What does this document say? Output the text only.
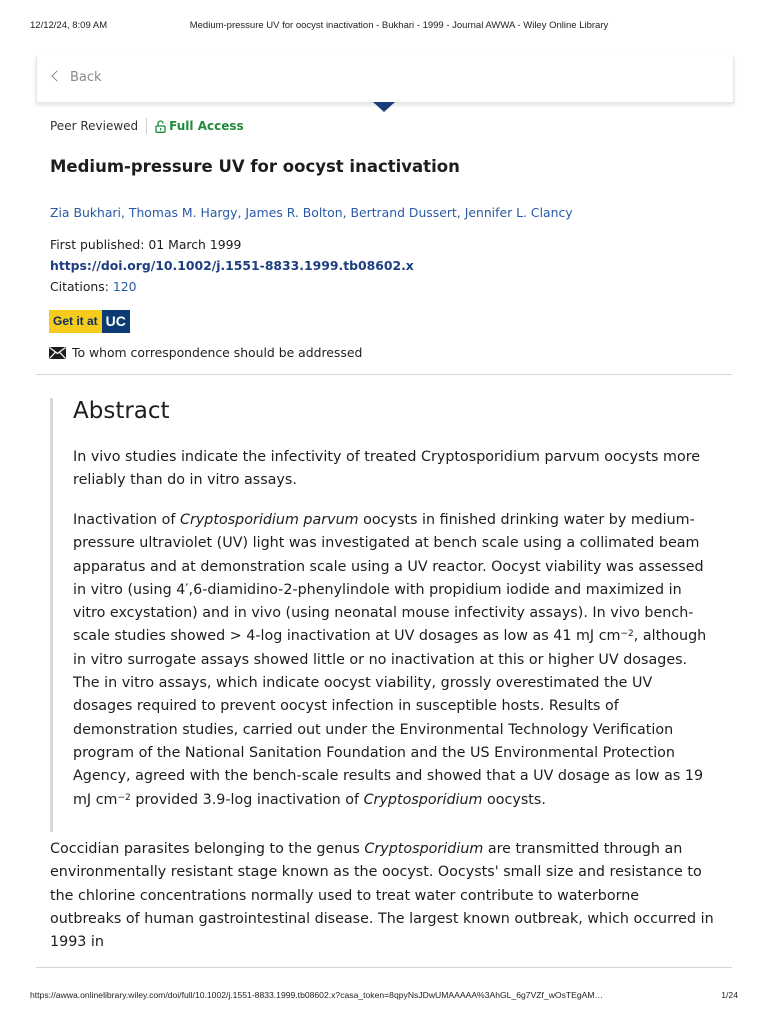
12/12/24, 8:09 AM	Medium-pressure UV for oocyst inactivation - Bukhari - 1999 - Journal AWWA - Wiley Online Library
Back
Peer Reviewed	Full Access
Medium-pressure UV for oocyst inactivation
Zia Bukhari, Thomas M. Hargy, James R. Bolton, Bertrand Dussert, Jennifer L. Clancy
First published: 01 March 1999
https://doi.org/10.1002/j.1551-8833.1999.tb08602.x
Citations: 120
Get it at UC
To whom correspondence should be addressed
Abstract

In vivo studies indicate the infectivity of treated Cryptosporidium parvum oocysts more reliably than do in vitro assays.

Inactivation of Cryptosporidium parvum oocysts in finished drinking water by medium-pressure ultraviolet (UV) light was investigated at bench scale using a collimated beam apparatus and at demonstration scale using a UV reactor. Oocyst viability was assessed in vitro (using 4′,6-diamidino-2-phenylindole with propidium iodide and maximized in vitro excystation) and in vivo (using neonatal mouse infectivity assays). In vivo bench-scale studies showed > 4-log inactivation at UV dosages as low as 41 mJ $cm^{-2}$, although in vitro surrogate assays showed little or no inactivation at this or higher UV dosages. The in vitro assays, which indicate oocyst viability, grossly overestimated the UV dosages required to prevent oocyst infection in susceptible hosts. Results of demonstration studies, carried out under the Environmental Technology Verification program of the National Sanitation Foundation and the US Environmental Protection Agency, agreed with the bench-scale results and showed that a UV dosage as low as 19 mJ $cm^{-2}$ provided 3.9-log inactivation of Cryptosporidium oocysts.

Coccidian parasites belonging to the genus Cryptosporidium are transmitted through an environmentally resistant stage known as the oocyst. Oocysts' small size and resistance to the chlorine concentrations normally used to treat water contribute to waterborne outbreaks of human gastrointestinal disease. The largest known outbreak, which occurred in 1993 in

https://awwa.onlinelibrary.wiley.com/doi/full/10.1002/j.1551-8833.1999.tb08602.x?casa_token=8qpyNsJDwUMAAAAA%3AhGL_6g7VZf_wOsTEgAM…	1/24
